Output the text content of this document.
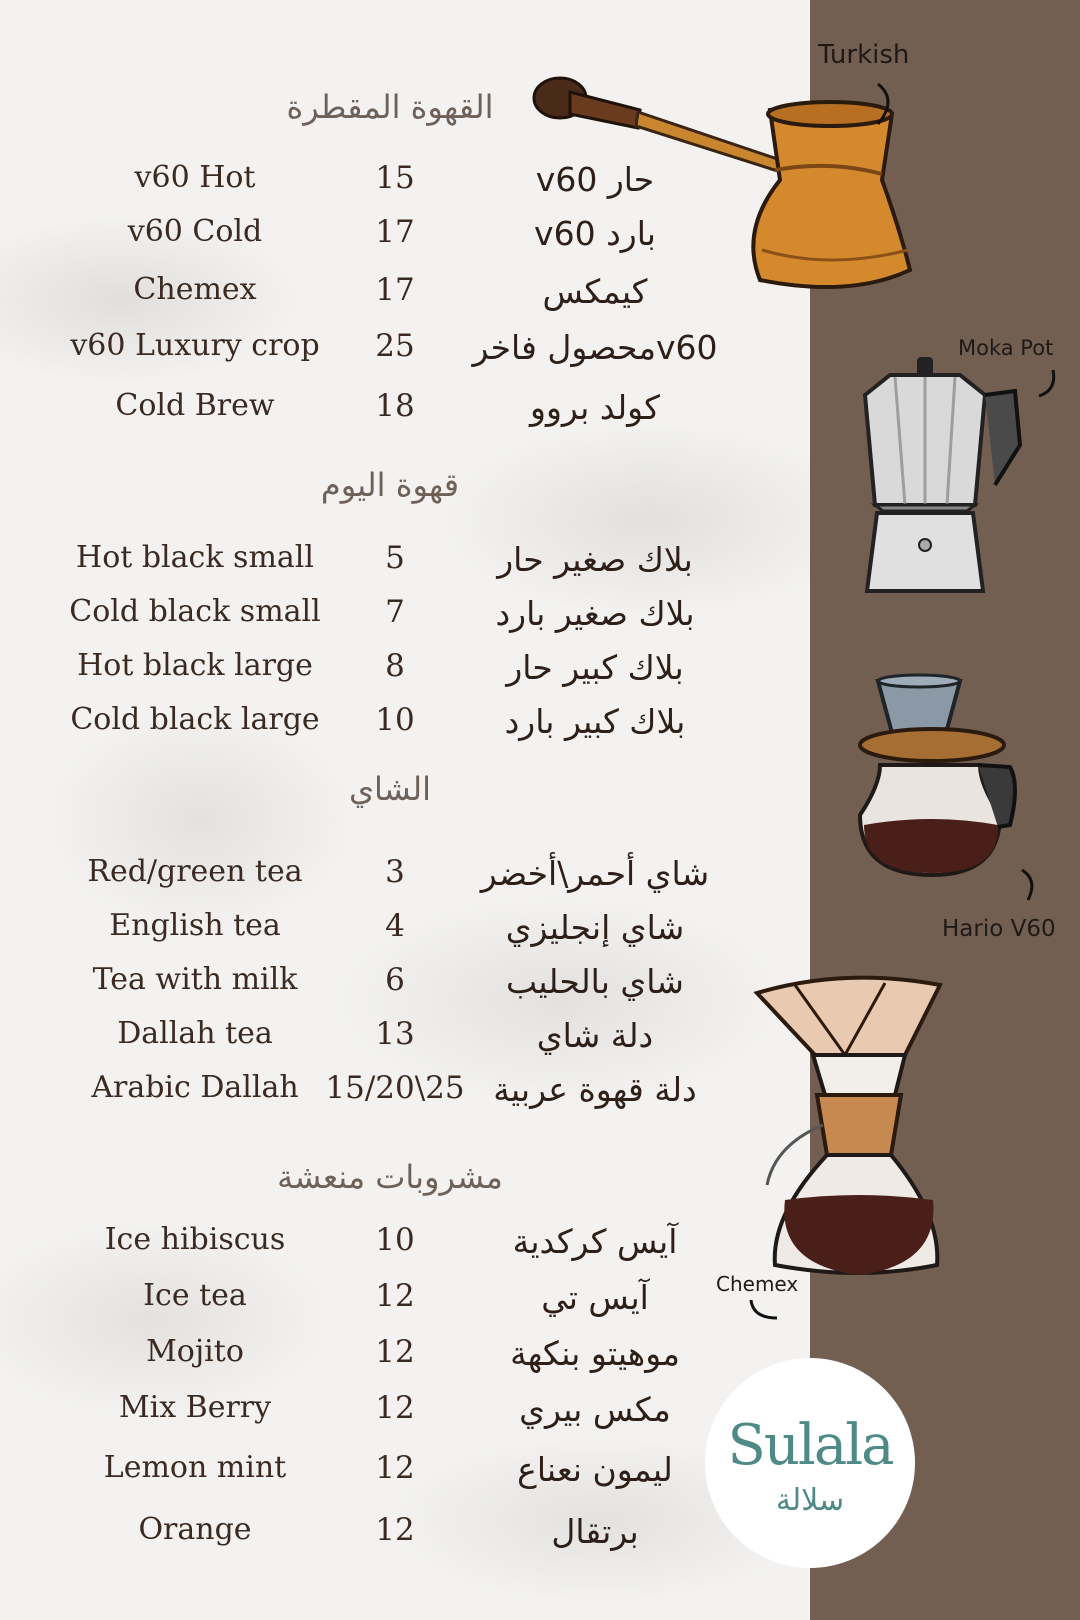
القهوة المقطرة
قهوة اليوم
الشاي
مشروبات منعشة
v60 Hot	15	v60 حار
v60 Cold	17	v60 بارد
Chemex	17	كيمكس
v60 Luxury crop	25	محصول فاخرv60
Cold Brew	18	كولد بروو
Hot black small	5	بلاك صغير حار
Cold black small	7	بلاك صغير بارد
Hot black large	8	بلاك كبير حار
Cold black large	10	بلاك كبير بارد
Red/green tea	3	شاي أحمر\أخضر
English tea	4	شاي إنجليزي
Tea with milk	6	شاي بالحليب
Dallah tea	13	دلة شاي
Arabic Dallah 15/20\25 دلة قهوة عربية
Ice hibiscus	10	آيس كركدية
Ice tea	12	آيس تي
Mojito	12	موهيتو بنكهة
Mix Berry	12	مكس بيري
Lemon mint	12	ليمون نعناع
Orange	12	برتقال
Turkish
Moka Pot
Hario V60
Chemex
Sulala
سلالة
